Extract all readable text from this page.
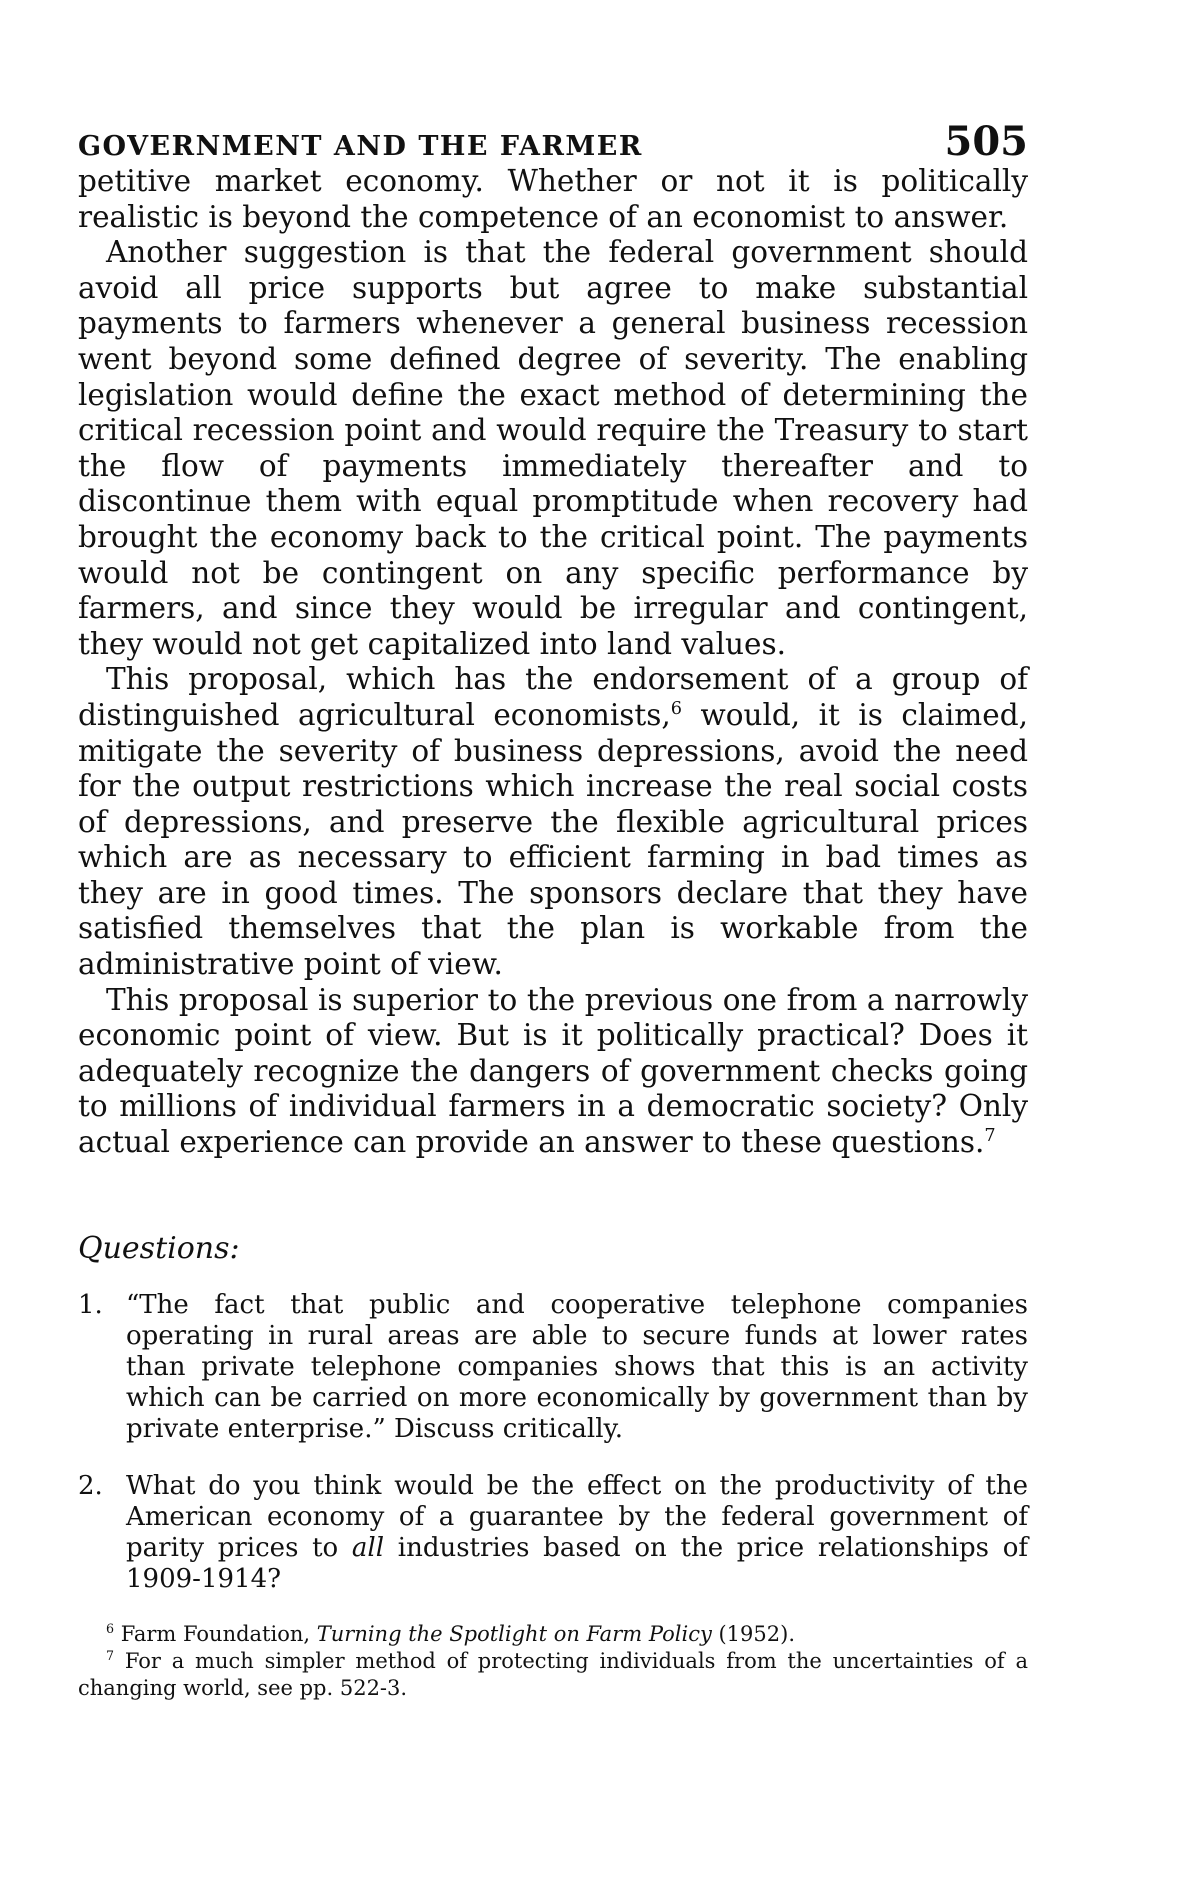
GOVERNMENT AND THE FARMER	505

petitive market economy. Whether or not it is politically realistic is beyond the competence of an economist to answer.

Another suggestion is that the federal government should avoid all price supports but agree to make substantial payments to farmers whenever a general business recession went beyond some defined degree of severity. The enabling legislation would define the exact method of determining the critical recession point and would require the Treasury to start the flow of payments immediately thereafter and to discontinue them with equal promptitude when recovery had brought the economy back to the critical point. The payments would not be contingent on any specific performance by farmers, and since they would be irregular and contingent, they would not get capitalized into land values.

This proposal, which has the endorsement of a group of distinguished agricultural economists,$^6$ would, it is claimed, mitigate the severity of business depressions, avoid the need for the output restrictions which increase the real social costs of depressions, and preserve the flexible agricultural prices which are as necessary to efficient farming in bad times as they are in good times. The sponsors declare that they have satisfied themselves that the plan is workable from the administrative point of view.

This proposal is superior to the previous one from a narrowly economic point of view. But is it politically practical? Does it adequately recognize the dangers of government checks going to millions of individual farmers in a democratic society? Only actual experience can provide an answer to these questions.$^7$

Questions:
1. “The fact that public and cooperative telephone companies operating in rural areas are able to secure funds at lower rates than private telephone companies shows that this is an activity which can be carried on more economically by government than by private enterprise.” Discuss critically.
2. What do you think would be the effect on the productivity of the American economy of a guarantee by the federal government of parity prices to all industries based on the price relationships of 1909-1914?

$^6$ Farm Foundation, Turning the Spotlight on Farm Policy (1952).

$^7$ For a much simpler method of protecting individuals from the uncertainties of a changing world, see pp. 522-3.
